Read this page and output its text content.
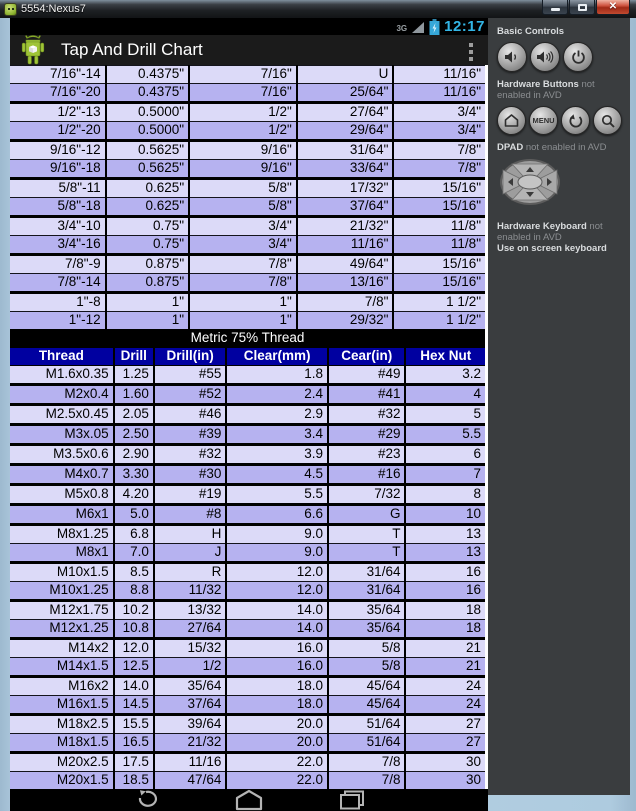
5554:Nexus7	✕
3G 12:17
Tap And Drill Chart
7/16"-14	0.4375"	7/16"	U	11/16"
7/16"-20	0.4375"	7/16"	25/64"	11/16"
1/2"-13	0.5000"	1/2"	27/64"	3/4"
1/2"-20	0.5000"	1/2"	29/64"	3/4"
9/16"-12	0.5625"	9/16"	31/64"	7/8"
9/16"-18	0.5625"	9/16"	33/64"	7/8"
5/8"-11	0.625"	5/8"	17/32"	15/16"
5/8"-18	0.625"	5/8"	37/64"	15/16"
3/4"-10	0.75"	3/4"	21/32"	11/8"
3/4"-16	0.75"	3/4"	11/16"	11/8"
7/8"-9	0.875"	7/8"	49/64"	15/16"
7/8"-14	0.875"	7/8"	13/16"	15/16"
1"-8	1"	1"	7/8"	1 1/2"
1"-12	1"	1"	29/32"	1 1/2"
Metric 75% Thread
Thread	Drill	Drill(in)	Clear(mm)	Cear(in)	Hex Nut
M1.6x0.35	1.25	#55	1.8	#49	3.2
M2x0.4	1.60	#52	2.4	#41	4
M2.5x0.45	2.05	#46	2.9	#32	5
M3x.05	2.50	#39	3.4	#29	5.5
M3.5x0.6	2.90	#32	3.9	#23	6
M4x0.7	3.30	#30	4.5	#16	7
M5x0.8	4.20	#19	5.5	7/32	8
M6x1	5.0	#8	6.6	G	10
M8x1.25	6.8	H	9.0	T	13
M8x1	7.0	J	9.0	T	13
M10x1.5	8.5	R	12.0	31/64	16
M10x1.25	8.8	11/32	12.0	31/64	16
M12x1.75	10.2	13/32	14.0	35/64	18
M12x1.25	10.8	27/64	14.0	35/64	18
M14x2	12.0	15/32	16.0	5/8	21
M14x1.5	12.5	1/2	16.0	5/8	21
M16x2	14.0	35/64	18.0	45/64	24
M16x1.5	14.5	37/64	18.0	45/64	24
M18x2.5	15.5	39/64	20.0	51/64	27
M18x1.5	16.5	21/32	20.0	51/64	27
M20x2.5	17.5	11/16	22.0	7/8	30
M20x1.5	18.5	47/64	22.0	7/8	30
Basic Controls
Hardware Buttons not enabled in AVD
MENU
DPAD not enabled in AVD
Hardware Keyboard not enabled in AVD
Use on screen keyboard
